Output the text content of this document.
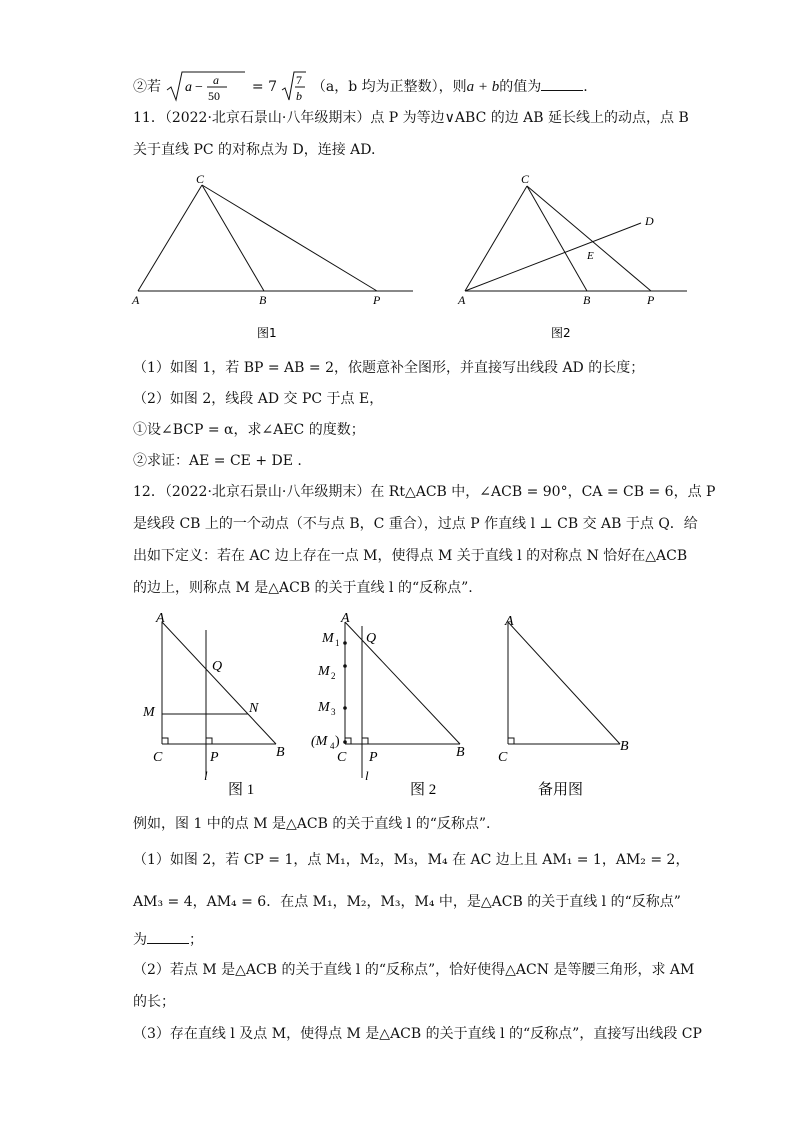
②若 a − a
50
= 7 7
b
（a，b 均为正整数），则a + b的值为	.
11．（2022·北京石景山·八年级期末）点 P 为等边∨ABC 的边 AB 延长线上的动点，点 B
关于直线 PC 的对称点为 D，连接 AD.
C
A	B	P
图1
C
A	B	P
D
E
图2
（1）如图 1，若 BP = AB = 2，依题意补全图形，并直接写出线段 AD 的长度；
（2）如图 2，线段 AD 交 PC 于点 E，
①设∠BCP = α，求∠AEC 的度数；
②求证：AE = CE + DE .
12．（2022·北京石景山·八年级期末）在 Rt△ACB 中，∠ACB = 90°，CA = CB = 6，点 P
是线段 CB 上的一个动点（不与点 B，C 重合），过点 P 作直线 l ⊥ CB 交 AB 于点 Q．给
出如下定义：若在 AC 边上存在一点 M，使得点 M 关于直线 l 的对称点 N 恰好在△ACB
的边上，则称点 M 是△ACB 的关于直线 l 的“反称点”.
A
Q
M	N
C	P	B
l
图 1
A
Q
M 1
M 2
M 3
(M 4 )
C P	B
l
图 2
A
C
B
备用图
例如，图 1 中的点 M 是△ACB 的关于直线 l 的“反称点”.
（1）如图 2，若 CP = 1，点 M₁，M₂，M₃，M₄ 在 AC 边上且 AM₁ = 1，AM₂ = 2，
AM₃ = 4，AM₄ = 6．在点 M₁，M₂，M₃，M₄ 中，是△ACB 的关于直线 l 的“反称点”
为	；
（2）若点 M 是△ACB 的关于直线 l 的“反称点”，恰好使得△ACN 是等腰三角形，求 AM
的长；
（3）存在直线 l 及点 M，使得点 M 是△ACB 的关于直线 l 的“反称点”，直接写出线段 CP
